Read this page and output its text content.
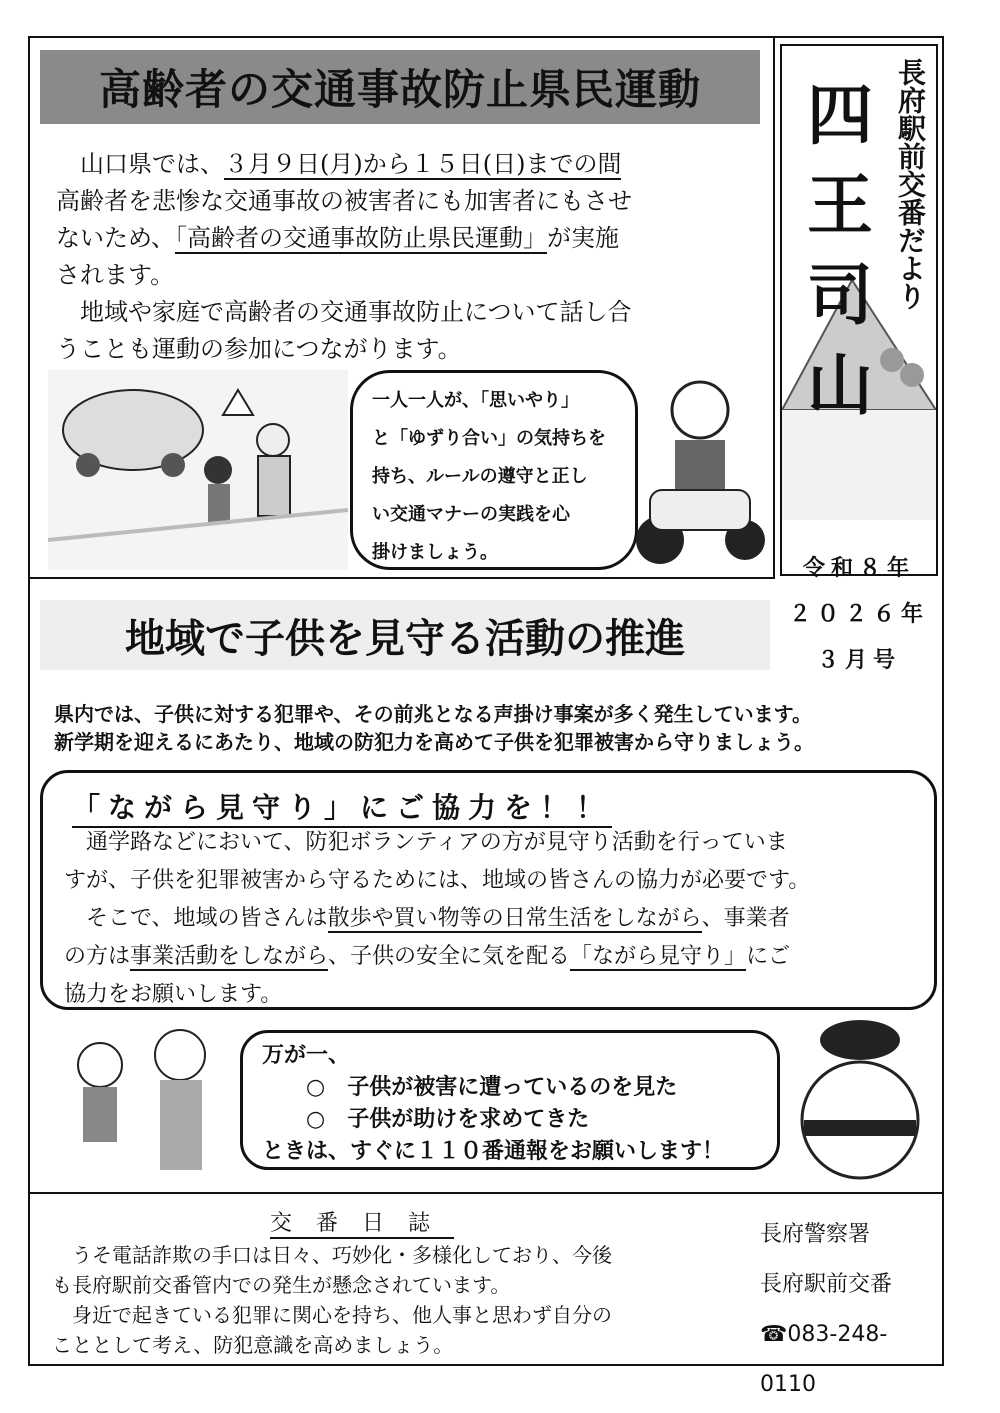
高齢者の交通事故防止県民運動
　山口県では、３月９日(月)から１５日(日)までの間
高齢者を悲惨な交通事故の被害者にも加害者にもさせ
ないため、「高齢者の交通事故防止県民運動」が実施
されます。
　地域や家庭で高齢者の交通事故防止について話し合
うことも運動の参加につながります。
一人一人が、「思いやり」
と「ゆずり合い」の気持ちを
持ち、ルールの遵守と正し
い交通マナーの実践を心
掛けましょう。
四
王
司
山
長府駅前交番だより
令和８年
２０２６年
３月号
地域で子供を見守る活動の推進
県内では、子供に対する犯罪や、その前兆となる声掛け事案が多く発生しています。
新学期を迎えるにあたり、地域の防犯力を高めて子供を犯罪被害から守りましょう。
「ながら見守り」にご協力を！！
　通学路などにおいて、防犯ボランティアの方が見守り活動を行っていま
すが、子供を犯罪被害から守るためには、地域の皆さんの協力が必要です。
　そこで、地域の皆さんは散歩や買い物等の日常生活をしながら、事業者
の方は事業活動をしながら、子供の安全に気を配る「ながら見守り」にご
協力をお願いします。
万が一、
○　子供が被害に遭っているのを見た
○　子供が助けを求めてきた
ときは、すぐに１１０番通報をお願いします！
交番日誌
　うそ電話詐欺の手口は日々、巧妙化・多様化しており、今後
も長府駅前交番管内での発生が懸念されています。
　身近で起きている犯罪に関心を持ち、他人事と思わず自分の
こととして考え、防犯意識を高めましょう。
長府警察署
長府駅前交番
☎083-248-0110
